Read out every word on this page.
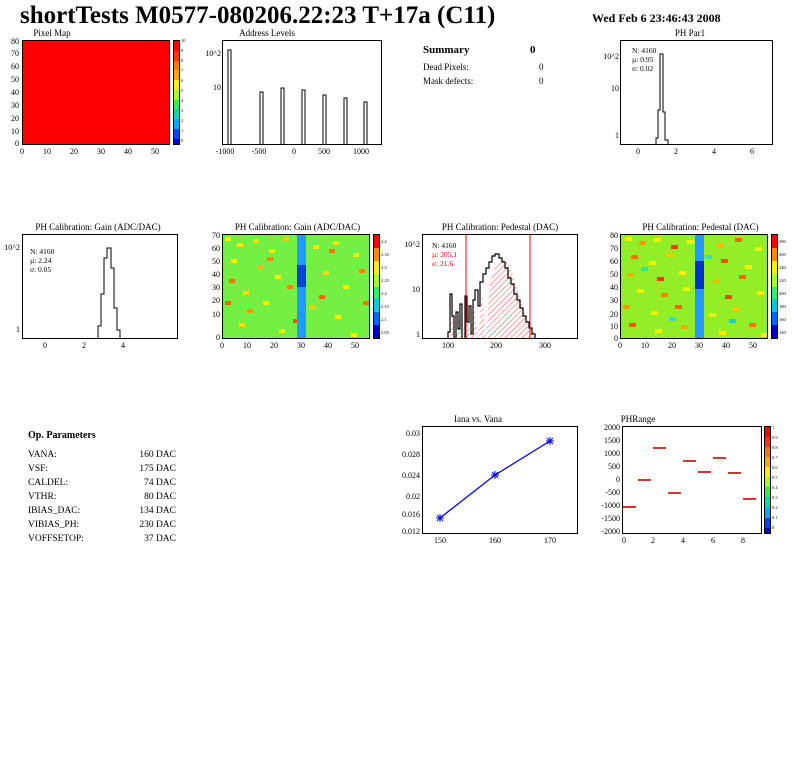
shortTests M0577-080206.22:23 T+17a (C11)	Wed Feb 6 23:46:43 2008
Pixel Map
80
70
60
50
40
30
20
10
0
0	10	20	30	40	50
10
9
8
7
6
5
4
3
2
1
0
Address Levels
10^2
10
-1000	-500	0	500	1000
Summary	0
Dead Pixels:	0
Mask defects:	0
PH Par1
N: 4160
µ: 0.95
σ: 0.02
10^2
10
1
0	2	4	6
PH Calibration: Gain (ADC/DAC)
N: 4160
µ: 2.24
σ: 0.05
10^2
1
0	2	4
PH Calibration: Gain (ADC/DAC)
70
60
50
40
30
20
10
0
0	10	20	30	40	50
2.4
2.35
2.3
2.25
2.2
2.15
2.1
2.05
PH Calibration: Pedestal (DAC)
N: 4160
µ: 205.1
σ: 21.6
10^2
10
1
100	200	300
PH Calibration: Pedestal (DAC)
80
70
60
50
40
30
20
10
0
0	10	20	30	40	50
280
260
240
220
200
180
160
140
Op. Parameters
VANA:	160 DAC
VSF:	175 DAC
CALDEL:	74 DAC
VTHR:	80 DAC
IBIAS_DAC:	134 DAC
VIBIAS_PH:	230 DAC
VOFFSETOP:	37 DAC
Iana vs. Vana
0.03
0.028
0.024
0.02
0.016
0.012
150	160	170
PHRange
2000
1500
1000
500
0
-500
-1000
-1500
-2000
0	2	4	6	8
1
0.9
0.8
0.7
0.6
0.5
0.4
0.3
0.2
0.1
0
